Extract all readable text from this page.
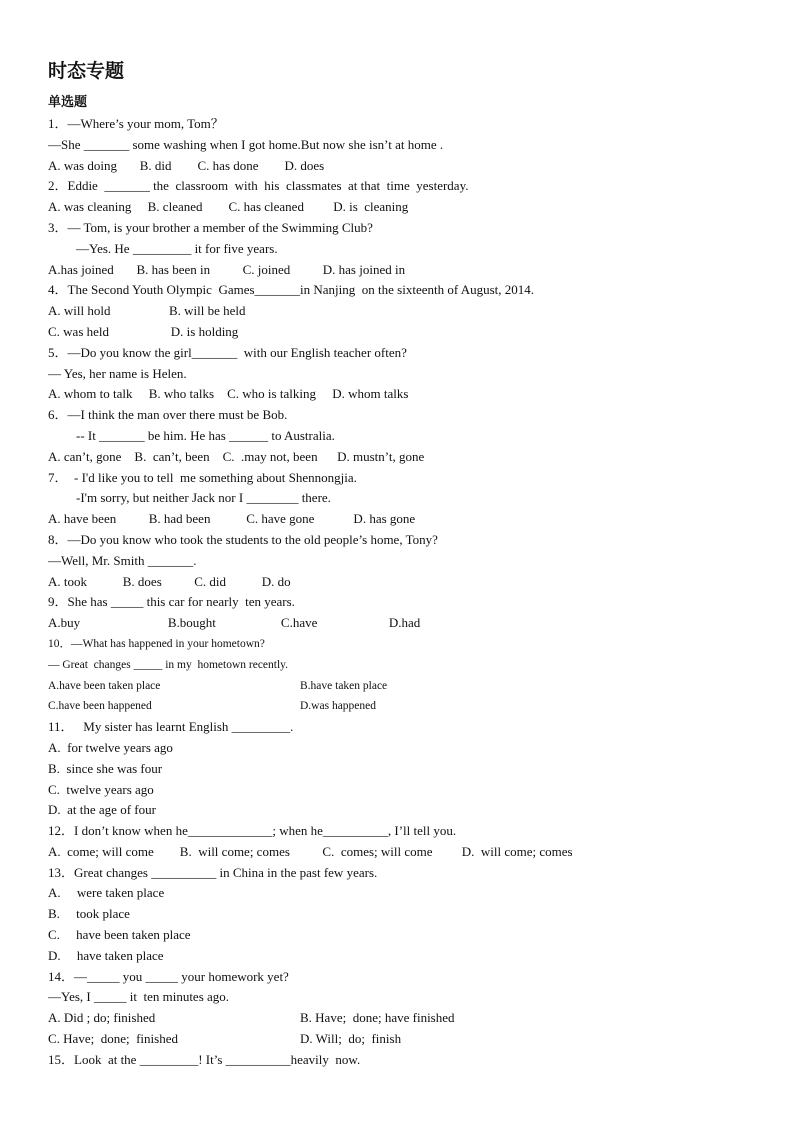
时态专题
单选题
1．—Where’s your mom, Tom？
—She _______ some washing when I got home.But now she isn’t at home .
A. was doing       B. did        C. has done        D. does
2．Eddie  _______ the  classroom  with  his  classmates  at that  time  yesterday.
A. was cleaning     B. cleaned        C. has cleaned         D. is  cleaning
3．— Tom, is your brother a member of the Swimming Club?
—Yes. He _________ it for five years.
A.has joined       B. has been in          C. joined          D. has joined in
4．The Second Youth Olympic  Games_______in Nanjing  on the sixteenth of August, 2014.
A. will hold                  B. will be held
C. was held                   D. is holding
5．—Do you know the girl_______  with our English teacher often?
— Yes, her name is Helen.
A. whom to talk     B. who talks    C. who is talking     D. whom talks
6．—I think the man over there must be Bob.
-- It _______ be him. He has ______ to Australia.
A. can’t, gone    B.  can’t, been    C.  .may not, been      D. mustn’t, gone
7．  - I'd like you to tell  me something about Shennongjia.
-I'm sorry, but neither Jack nor I ________ there.
A. have been          B. had been           C. have gone            D. has gone
8．—Do you know who took the students to the old people’s home, Tony?
—Well, Mr. Smith _______.
A. took           B. does          C. did           D. do
9．She has _____ this car for nearly  ten years.
A.buy                           B.bought                    C.have                      D.had
10．—What has happened in your hometown?
— Great  changes _____ in my  hometown recently.
A.have been taken place	B.have taken place
C.have been happened	D.was happened
11．   My sister has learnt English _________.
A.  for twelve years ago
B.  since she was four
C.  twelve years ago
D.  at the age of four
12．I don’t know when he_____________; when he__________, I’ll tell you.
A.  come; will come        B.  will come; comes          C.  comes; will come         D.  will come; comes
13．Great changes __________ in China in the past few years.
A.     were taken place
B.     took place
C.     have been taken place
D.     have taken place
14．—_____ you _____ your homework yet?
—Yes, I _____ it  ten minutes ago.
A. Did ; do; finished	B. Have;  done; have finished
C. Have;  done;  finished	D. Will;  do;  finish
15．Look  at the _________! It’s __________heavily  now.
